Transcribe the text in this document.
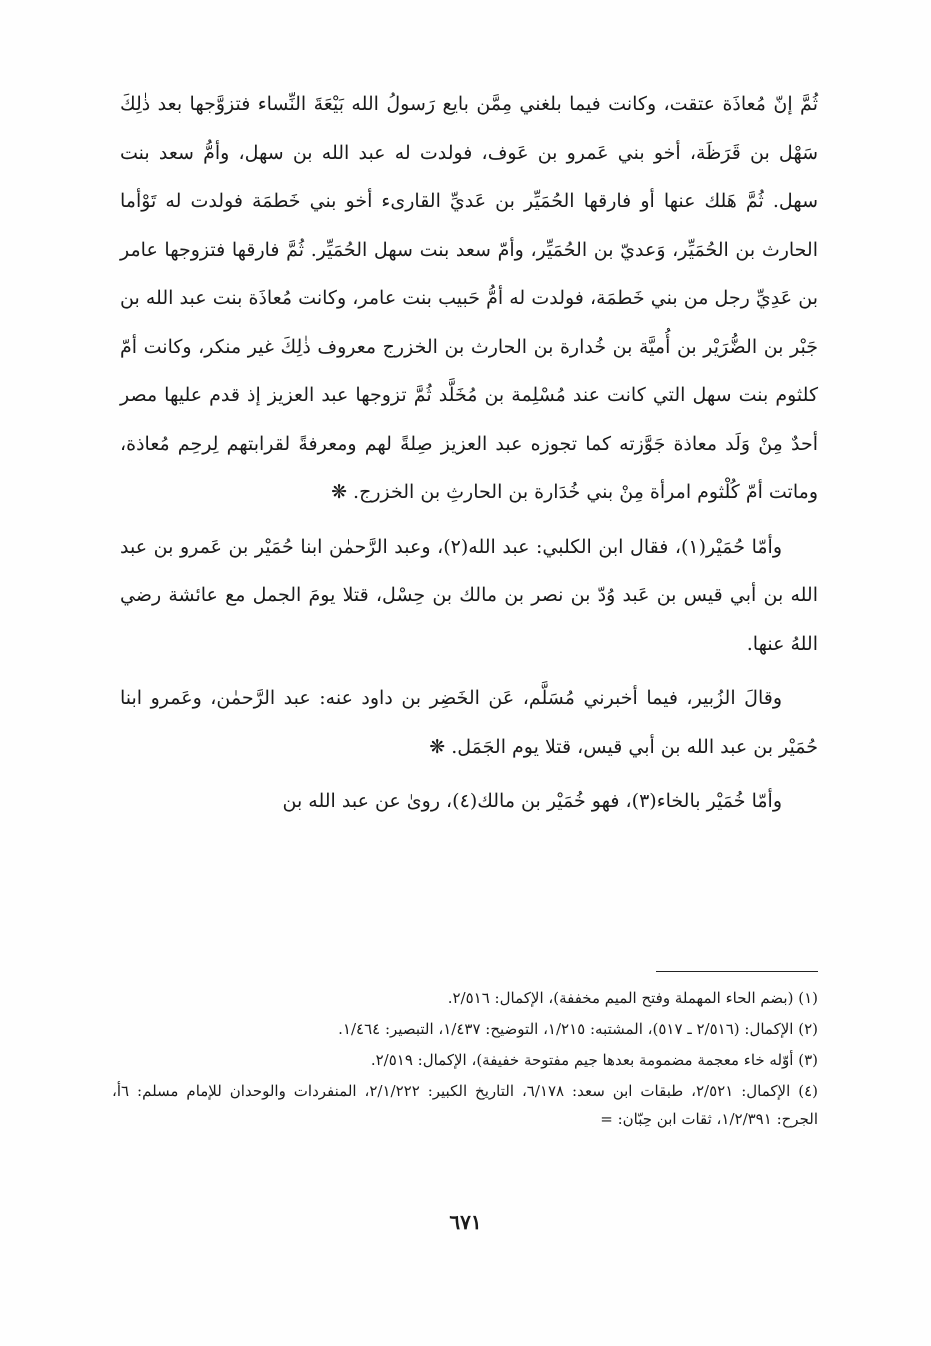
ثُمَّ إنّ مُعاذَة عتقت، وكانت فيما بلغني مِمَّن بايع رَسولُ الله بَيْعَةَ النِّساء فتزوَّجها بعد ذٰلِكَ سَهْل بن قَرَظَة، أخو بني عَمرو بن عَوف، فولدت له عبد الله بن سهل، وأمُّ سعد بنت سهل. ثُمَّ هَلك عنها أو فارقها الحُمَيِّر بن عَديِّ القارىء أخو بني خَطمَة فولدت له تَوْأما الحارث بن الحُمَيِّر، وَعديّ بن الحُمَيِّر، وأمّ سعد بنت سهل الحُمَيِّر. ثُمَّ فارقها فتزوجها عامر بن عَدِيِّ رجل من بني خَطمَة، فولدت له أمُّ حَبيب بنت عامر، وكانت مُعاذَة بنت عبد الله بن جَبْر بن الضُّرَيْر بن أُميَّة بن خُدارة بن الحارث بن الخزرج معروف ذٰلِكَ غير منكر، وكانت أمّ كلثوم بنت سهل التي كانت عند مُسْلِمة بن مُخَلَّد ثُمَّ تزوجها عبد العزيز إذ قدم عليها مصر أحدٌ مِنْ وَلَد معاذة جَوَّزته كما تجوزه عبد العزيز صِلةً لهم ومعرفةً لقرابتهم لِرحِم مُعاذة، وماتت أمّ كُلْثوم امرأة مِنْ بني خُدَارة بن الحارثِ بن الخزرج. ❋

وأمّا حُمَيْر(١)، فقال ابن الكلبي: عبد الله(٢)، وعبد الرَّحمٰن ابنا حُمَيْر بن عَمرو بن عبد الله بن أبي قيس بن عَبد وُدّ بن نصر بن مالك بن حِسْل، قتلا يومَ الجمل مع عائشة رضي اللهُ عنها.

وقالَ الزُبير، فيما أخبرني مُسَلَّم، عَن الخَضِر بن داود عنه: عبد الرَّحمٰن، وعَمرو ابنا حُمَيْر بن عبد الله بن أبي قيس، قتلا يوم الجَمَل. ❋

وأمّا خُمَيْر بالخاء(٣)، فهو خُمَيْر بن مالك(٤)، روىٰ عن عبد الله بن

(١) (بضم الحاء المهملة وفتح الميم مخففة)، الإكمال: ٢/٥١٦.

(٢) الإكمال: (٢/٥١٦ ـ ٥١٧)، المشتبه: ١/٢١٥، التوضيح: ١/٤٣٧، التبصير: ١/٤٦٤.

(٣) أوّله خاء معجمة مضمومة بعدها جيم مفتوحة خفيفة)، الإكمال: ٢/٥١٩.

(٤) الإكمال: ٢/٥٢١، طبقات ابن سعد: ٦/١٧٨، التاريخ الكبير: ٢/١/٢٢٢، المنفردات والوحدان للإمام مسلم: ٦أ، الجرح: ١/٢/٣٩١، ثقات ابن حِبّان: =

٦٧١
